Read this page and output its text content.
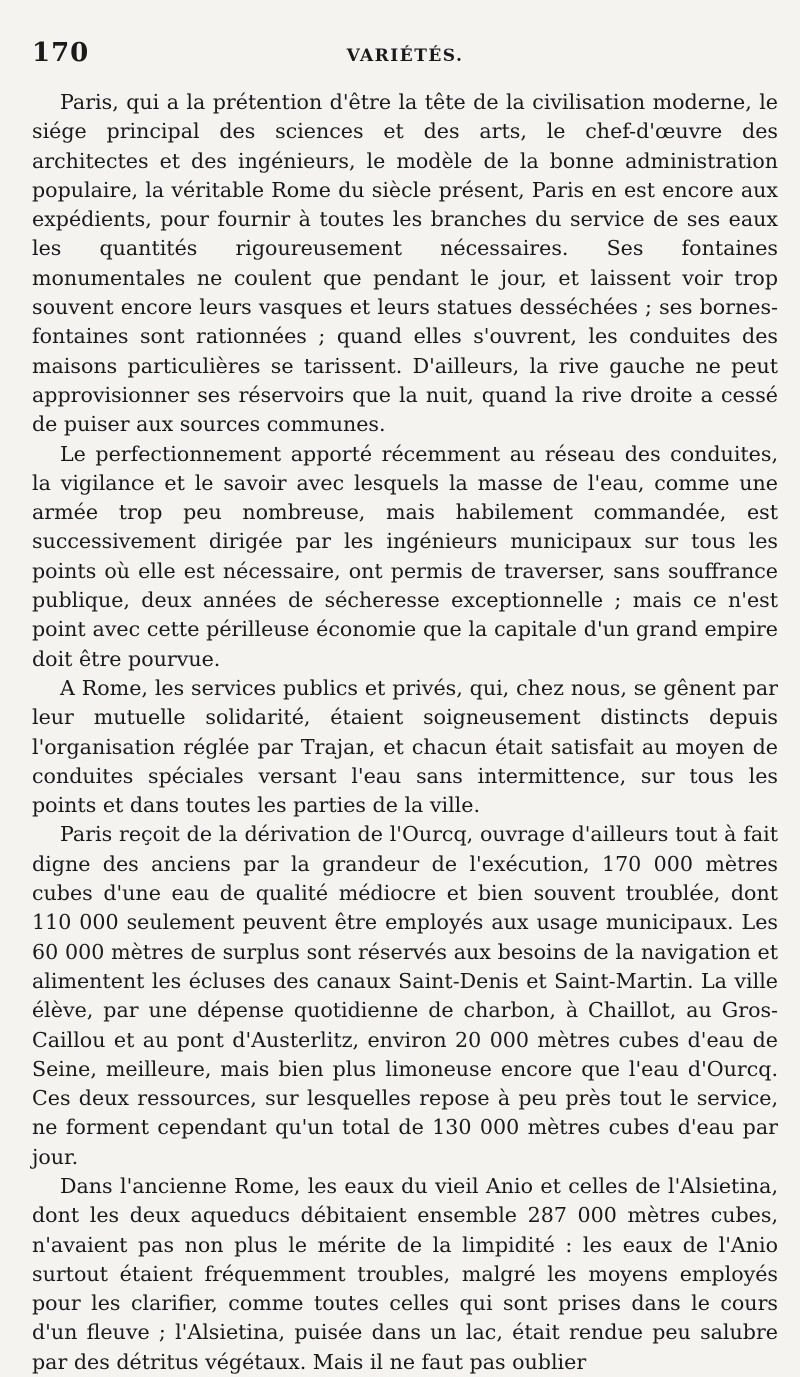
170	VARIÉTÉS.

Paris, qui a la prétention d'être la tête de la civilisation moderne, le siége principal des sciences et des arts, le chef-d'œuvre des architectes et des ingénieurs, le modèle de la bonne administration populaire, la véritable Rome du siècle présent, Paris en est encore aux expédients, pour fournir à toutes les branches du service de ses eaux les quantités rigoureusement nécessaires. Ses fontaines monumentales ne coulent que pendant le jour, et laissent voir trop souvent encore leurs vasques et leurs statues desséchées ; ses bornes-fontaines sont rationnées ; quand elles s'ouvrent, les conduites des maisons particulières se tarissent. D'ailleurs, la rive gauche ne peut approvisionner ses réservoirs que la nuit, quand la rive droite a cessé de puiser aux sources communes.

Le perfectionnement apporté récemment au réseau des conduites, la vigilance et le savoir avec lesquels la masse de l'eau, comme une armée trop peu nombreuse, mais habilement commandée, est successivement dirigée par les ingénieurs municipaux sur tous les points où elle est nécessaire, ont permis de traverser, sans souffrance publique, deux années de sécheresse exceptionnelle ; mais ce n'est point avec cette périlleuse économie que la capitale d'un grand empire doit être pourvue.

A Rome, les services publics et privés, qui, chez nous, se gênent par leur mutuelle solidarité, étaient soigneusement distincts depuis l'organisation réglée par Trajan, et chacun était satisfait au moyen de conduites spéciales versant l'eau sans intermittence, sur tous les points et dans toutes les parties de la ville.

Paris reçoit de la dérivation de l'Ourcq, ouvrage d'ailleurs tout à fait digne des anciens par la grandeur de l'exécution, 170 000 mètres cubes d'une eau de qualité médiocre et bien souvent troublée, dont 110 000 seulement peuvent être employés aux usage municipaux. Les 60 000 mètres de surplus sont réservés aux besoins de la navigation et alimentent les écluses des canaux Saint-Denis et Saint-Martin. La ville élève, par une dépense quotidienne de charbon, à Chaillot, au Gros-Caillou et au pont d'Austerlitz, environ 20 000 mètres cubes d'eau de Seine, meilleure, mais bien plus limoneuse encore que l'eau d'Ourcq. Ces deux ressources, sur lesquelles repose à peu près tout le service, ne forment cependant qu'un total de 130 000 mètres cubes d'eau par jour.

Dans l'ancienne Rome, les eaux du vieil Anio et celles de l'Alsietina, dont les deux aqueducs débitaient ensemble 287 000 mètres cubes, n'avaient pas non plus le mérite de la limpidité : les eaux de l'Anio surtout étaient fréquemment troubles, malgré les moyens employés pour les clarifier, comme toutes celles qui sont prises dans le cours d'un fleuve ; l'Alsietina, puisée dans un lac, était rendue peu salubre par des détritus végétaux. Mais il ne faut pas oublier
